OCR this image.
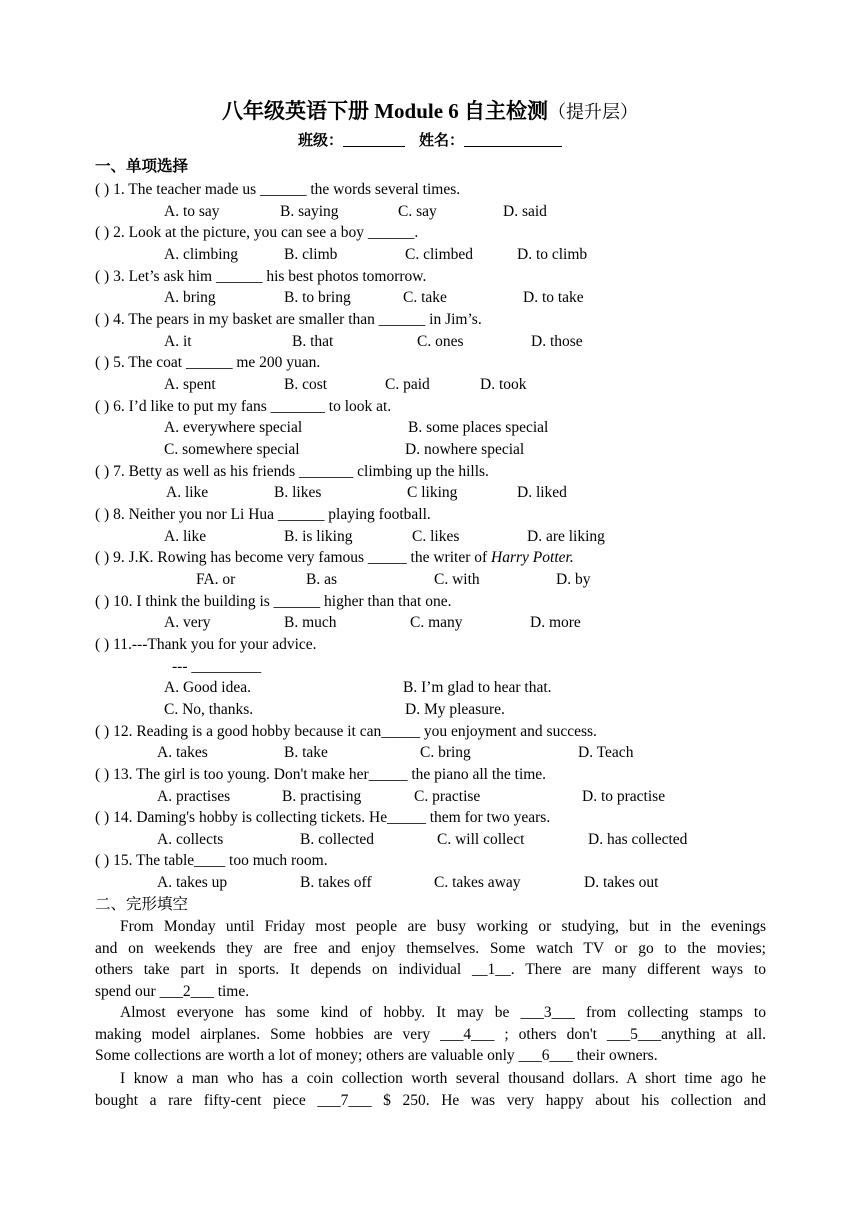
八年级英语下册 Module 6 自主检测（提升层）
班级：	姓名：
一、单项选择
( ) 1. The teacher made us ______ the words several times.
A. to say	B. saying	C. say	D. said
( ) 2. Look at the picture, you can see a boy ______.
A. climbing	B. climb	C. climbed	D. to climb
( ) 3. Let’s ask him ______ his best photos tomorrow.
A. bring	B. to bring	C. take	D. to take
( ) 4. The pears in my basket are smaller than ______ in Jim’s.
A. it	B. that	C. ones	D. those
( ) 5. The coat ______ me 200 yuan.
A. spent	B. cost	C. paid	D. took
( ) 6. I’d like to put my fans _______ to look at.
A. everywhere special	B. some places special
C. somewhere special	D. nowhere special
( ) 7. Betty as well as his friends _______ climbing up the hills.
A. like	B. likes	C liking	D. liked
( ) 8. Neither you nor Li Hua ______ playing football.
A. like	B. is liking	C. likes	D. are liking
( ) 9. J.K. Rowing has become very famous _____ the writer of Harry Potter.
FA. or	B. as	C. with	D. by
( ) 10. I think the building is ______ higher than that one.
A. very	B. much	C. many	D. more
( ) 11.---Thank you for your advice.
--- _________
A. Good idea.	B. I’m glad to hear that.
C. No, thanks.	D. My pleasure.
( ) 12. Reading is a good hobby because it can_____ you enjoyment and success.
A. takes	B. take	C. bring	D. Teach
( ) 13. The girl is too young. Don't make her_____ the piano all the time.
A. practises	B. practising	C. practise	D. to practise
( ) 14. Daming's hobby is collecting tickets. He_____ them for two years.
A. collects	B. collected	C. will collect	D. has collected
( ) 15. The table____ too much room.
A. takes up	B. takes off	C. takes away	D. takes out
二、完形填空
From Monday until Friday most people are busy working or studying, but in the evenings
and on weekends they are free and enjoy themselves. Some watch TV or go to the movies;
others take part in sports. It depends on individual __1__. There are many different ways to
spend our ___2___ time.
Almost everyone has some kind of hobby. It may be ___3___ from collecting stamps to
making model airplanes. Some hobbies are very ___4___ ; others don't ___5___anything at all.
Some collections are worth a lot of money; others are valuable only ___6___ their owners.
I know a man who has a coin collection worth several thousand dollars. A short time ago he
bought a rare fifty-cent piece ___7___ $ 250. He was very happy about his collection and
